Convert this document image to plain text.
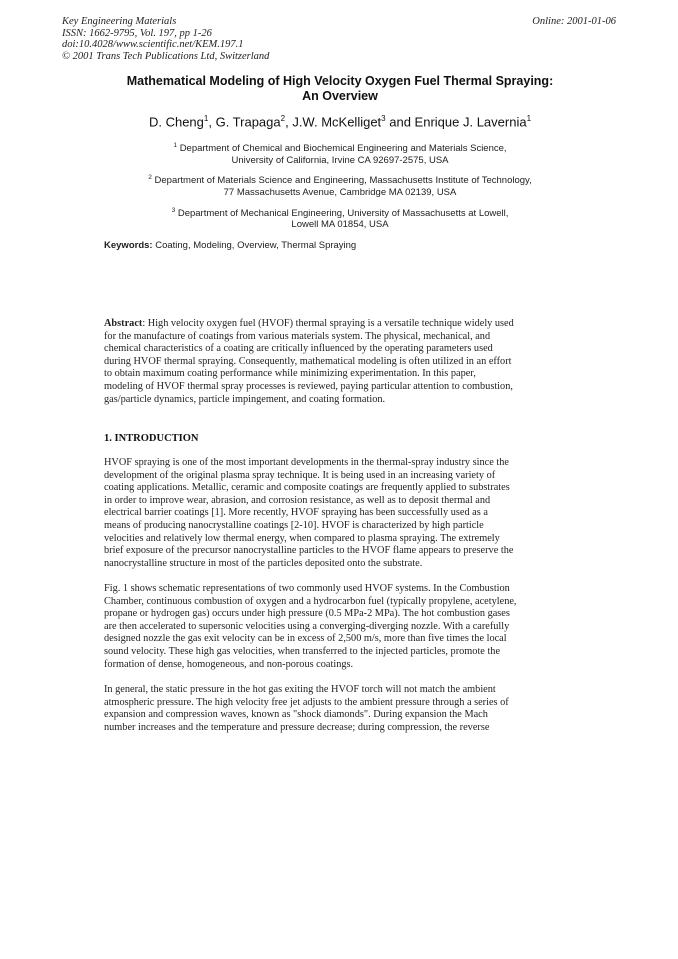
Key Engineering Materials
ISSN: 1662-9795, Vol. 197, pp 1-26
doi:10.4028/www.scientific.net/KEM.197.1
© 2001 Trans Tech Publications Ltd, Switzerland
Online: 2001-01-06
Mathematical Modeling of High Velocity Oxygen Fuel Thermal Spraying:
An Overview
D. Cheng$^1$, G. Trapaga$^2$, J.W. McKelliget$^3$ and Enrique J. Lavernia$^1$
$^1$ Department of Chemical and Biochemical Engineering and Materials Science,
University of California, Irvine CA 92697-2575, USA
$^2$ Department of Materials Science and Engineering, Massachusetts Institute of Technology,
77 Massachusetts Avenue, Cambridge MA 02139, USA
$^3$ Department of Mechanical Engineering, University of Massachusetts at Lowell,
Lowell MA 01854, USA
Keywords: Coating, Modeling, Overview, Thermal Spraying
Abstract: High velocity oxygen fuel (HVOF) thermal spraying is a versatile technique widely used
for the manufacture of coatings from various materials system. The physical, mechanical, and
chemical characteristics of a coating are critically influenced by the operating parameters used
during HVOF thermal spraying. Consequently, mathematical modeling is often utilized in an effort
to obtain maximum coating performance while minimizing experimentation. In this paper,
modeling of HVOF thermal spray processes is reviewed, paying particular attention to combustion,
gas/particle dynamics, particle impingement, and coating formation.
1. INTRODUCTION
HVOF spraying is one of the most important developments in the thermal-spray industry since the
development of the original plasma spray technique. It is being used in an increasing variety of
coating applications. Metallic, ceramic and composite coatings are frequently applied to substrates
in order to improve wear, abrasion, and corrosion resistance, as well as to deposit thermal and
electrical barrier coatings [1]. More recently, HVOF spraying has been successfully used as a
means of producing nanocrystalline coatings [2-10]. HVOF is characterized by high particle
velocities and relatively low thermal energy, when compared to plasma spraying. The extremely
brief exposure of the precursor nanocrystalline particles to the HVOF flame appears to preserve the
nanocrystalline structure in most of the particles deposited onto the substrate.
Fig. 1 shows schematic representations of two commonly used HVOF systems. In the Combustion
Chamber, continuous combustion of oxygen and a hydrocarbon fuel (typically propylene, acetylene,
propane or hydrogen gas) occurs under high pressure (0.5 MPa-2 MPa). The hot combustion gases
are then accelerated to supersonic velocities using a converging-diverging nozzle. With a carefully
designed nozzle the gas exit velocity can be in excess of 2,500 m/s, more than five times the local
sound velocity. These high gas velocities, when transferred to the injected particles, promote the
formation of dense, homogeneous, and non-porous coatings.
In general, the static pressure in the hot gas exiting the HVOF torch will not match the ambient
atmospheric pressure. The high velocity free jet adjusts to the ambient pressure through a series of
expansion and compression waves, known as "shock diamonds". During expansion the Mach
number increases and the temperature and pressure decrease; during compression, the reverse
